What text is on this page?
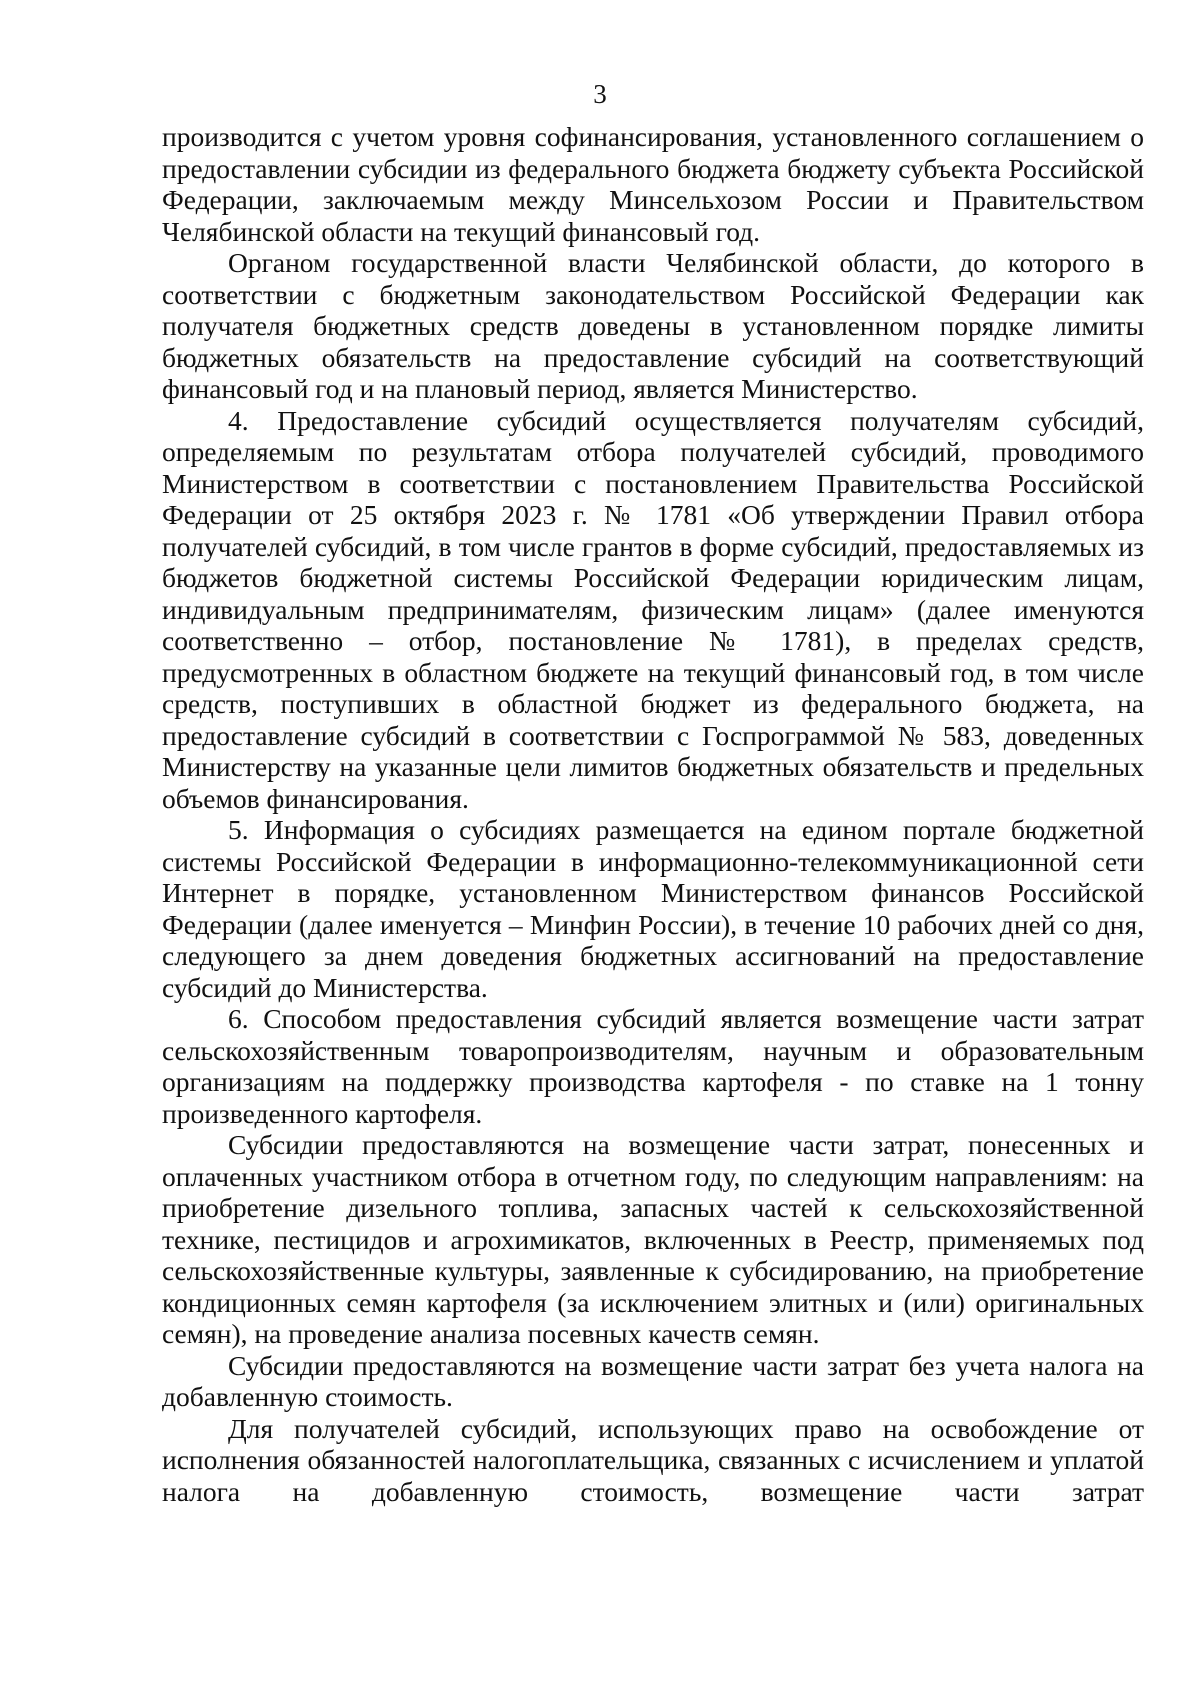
3

производится с учетом уровня софинансирования, установленного соглашением о предоставлении субсидии из федерального бюджета бюджету субъекта Российской Федерации, заключаемым между Минсельхозом России и Правительством Челябинской области на текущий финансовый год.

Органом государственной власти Челябинской области, до которого в соответствии с бюджетным законодательством Российской Федерации как получателя бюджетных средств доведены в установленном порядке лимиты бюджетных обязательств на предоставление субсидий на соответствующий финансовый год и на плановый период, является Министерство.

4. Предоставление субсидий осуществляется получателям субсидий, определяемым по результатам отбора получателей субсидий, проводимого Министерством в соответствии с постановлением Правительства Российской Федерации от 25 октября 2023 г. № 1781 «Об утверждении Правил отбора получателей субсидий, в том числе грантов в форме субсидий, предоставляемых из бюджетов бюджетной системы Российской Федерации юридическим лицам, индивидуальным предпринимателям, физическим лицам» (далее именуются соответственно – отбор, постановление № 1781), в пределах средств, предусмотренных в областном бюджете на текущий финансовый год, в том числе средств, поступивших в областной бюджет из федерального бюджета, на предоставление субсидий в соответствии с Госпрограммой № 583, доведенных Министерству на указанные цели лимитов бюджетных обязательств и предельных объемов финансирования.

5. Информация о субсидиях размещается на едином портале бюджетной системы Российской Федерации в информационно-телекоммуникационной сети Интернет в порядке, установленном Министерством финансов Российской Федерации (далее именуется – Минфин России), в течение 10 рабочих дней со дня, следующего за днем доведения бюджетных ассигнований на предоставление субсидий до Министерства.

6. Способом предоставления субсидий является возмещение части затрат сельскохозяйственным товаропроизводителям, научным и образовательным организациям на поддержку производства картофеля - по ставке на 1 тонну произведенного картофеля.

Субсидии предоставляются на возмещение части затрат, понесенных и оплаченных участником отбора в отчетном году, по следующим направлениям: на приобретение дизельного топлива, запасных частей к сельскохозяйственной технике, пестицидов и агрохимикатов, включенных в Реестр, применяемых под сельскохозяйственные культуры, заявленные к субсидированию, на приобретение кондиционных семян картофеля (за исключением элитных и (или) оригинальных семян), на проведение анализа посевных качеств семян.

Субсидии предоставляются на возмещение части затрат без учета налога на добавленную стоимость.

Для получателей субсидий, использующих право на освобождение от исполнения обязанностей налогоплательщика, связанных с исчислением и уплатой налога на добавленную стоимость, возмещение части затрат
